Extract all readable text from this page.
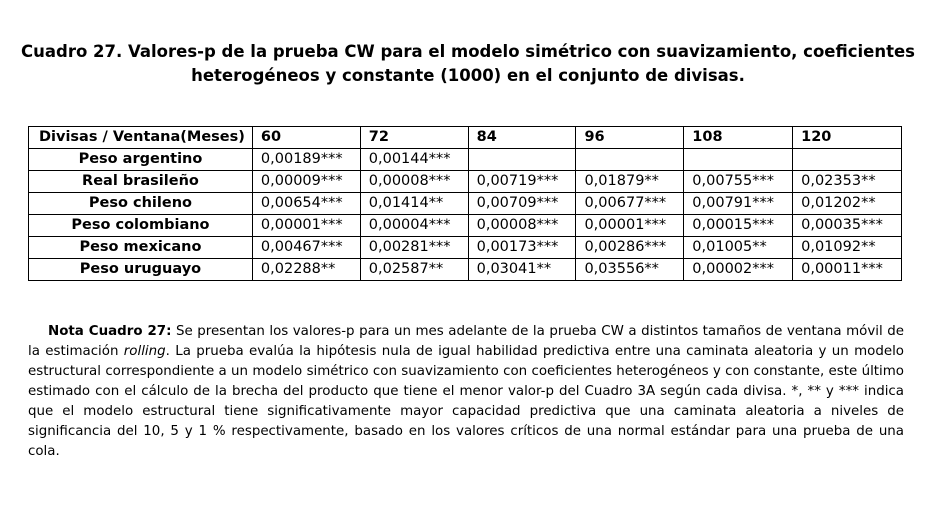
Cuadro 27. Valores-p de la prueba CW para el modelo simétrico con suavizamiento, coeficientes
heterogéneos y constante (1000) en el conjunto de divisas.
Divisas / Ventana(Meses)	60	72	84	96	108	120
Peso argentino	0,00189***	0,00144***				
Real brasileño	0,00009***	0,00008***	0,00719***	0,01879**	0,00755***	0,02353**
Peso chileno	0,00654***	0,01414**	0,00709***	0,00677***	0,00791***	0,01202**
Peso colombiano	0,00001***	0,00004***	0,00008***	0,00001***	0,00015***	0,00035***
Peso mexicano	0,00467***	0,00281***	0,00173***	0,00286***	0,01005**	0,01092**
Peso uruguayo	0,02288**	0,02587**	0,03041**	0,03556**	0,00002***	0,00011***
Nota Cuadro 27: Se presentan los valores-p para un mes adelante de la prueba CW a distintos tamaños de ventana móvil de la estimación rolling. La prueba evalúa la hipótesis nula de igual habilidad predictiva entre una caminata aleatoria y un modelo estructural correspondiente a un modelo simétrico con suavizamiento con coeficientes heterogéneos y con constante, este último estimado con el cálculo de la brecha del producto que tiene el menor valor-p del Cuadro 3A según cada divisa. *, ** y *** indica que el modelo estructural tiene significativamente mayor capacidad predictiva que una caminata aleatoria a niveles de significancia del 10, 5 y 1 % respectivamente, basado en los valores críticos de una normal estándar para una prueba de una cola.
